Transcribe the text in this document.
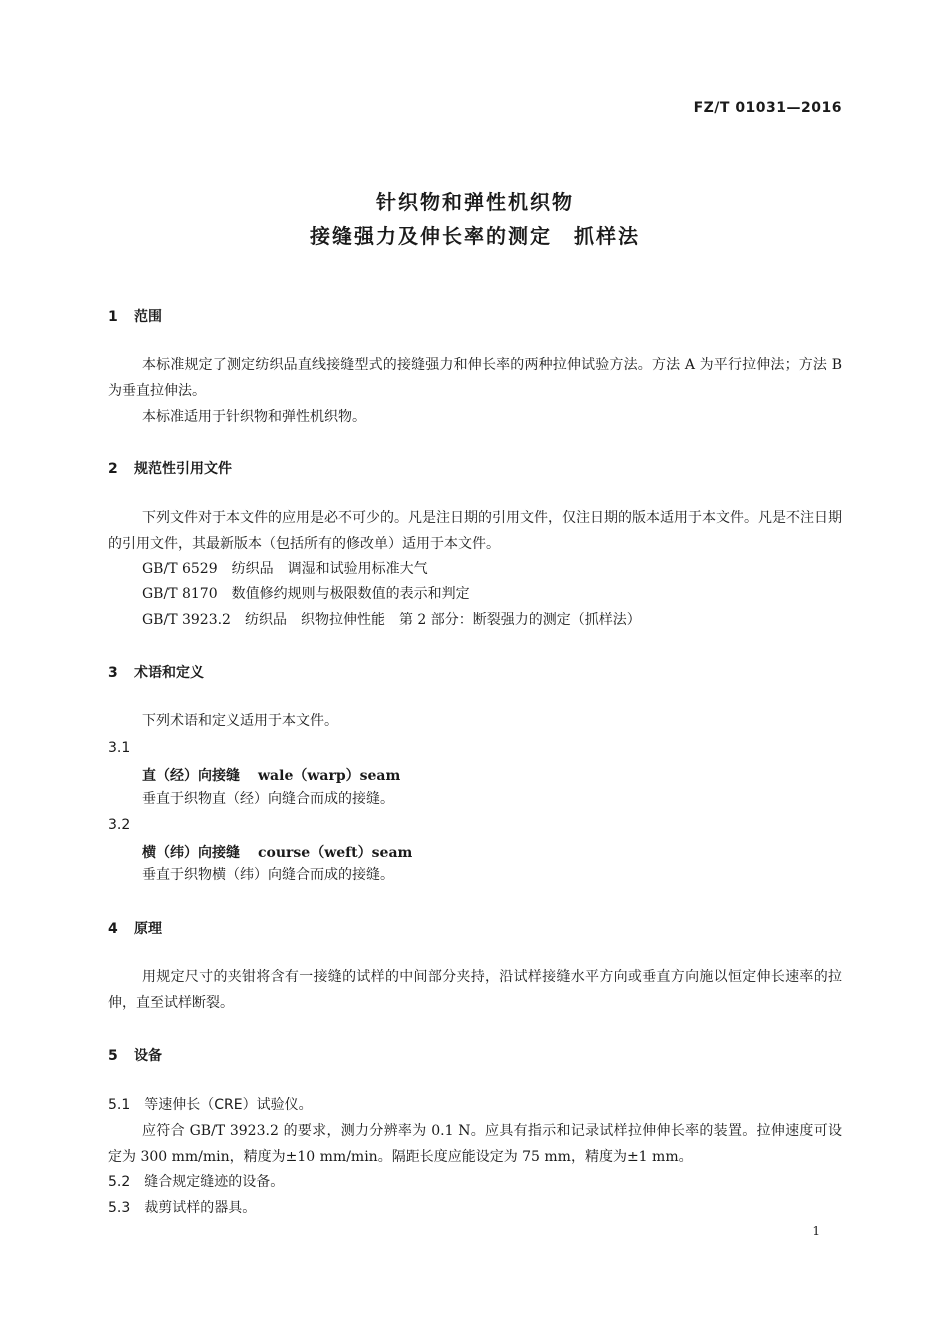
FZ/T 01031—2016
针织物和弹性机织物
接缝强力及伸长率的测定　抓样法
1 范围
本标准规定了测定纺织品直线接缝型式的接缝强力和伸长率的两种拉伸试验方法。方法 A 为平行拉伸法；方法 B 为垂直拉伸法。
本标准适用于针织物和弹性机织物。
2 规范性引用文件
下列文件对于本文件的应用是必不可少的。凡是注日期的引用文件，仅注日期的版本适用于本文件。凡是不注日期的引用文件，其最新版本（包括所有的修改单）适用于本文件。
GB/T 6529 纺织品　调湿和试验用标准大气
GB/T 8170 数值修约规则与极限数值的表示和判定
GB/T 3923.2 纺织品　织物拉伸性能　第 2 部分：断裂强力的测定（抓样法）
3 术语和定义
下列术语和定义适用于本文件。
3.1
直（经）向接缝 wale（warp）seam
垂直于织物直（经）向缝合而成的接缝。
3.2
横（纬）向接缝 course（weft）seam
垂直于织物横（纬）向缝合而成的接缝。
4 原理
用规定尺寸的夹钳将含有一接缝的试样的中间部分夹持，沿试样接缝水平方向或垂直方向施以恒定伸长速率的拉伸，直至试样断裂。
5 设备
5.1 等速伸长（CRE）试验仪。
应符合 GB/T 3923.2 的要求，测力分辨率为 0.1 N。应具有指示和记录试样拉伸伸长率的装置。拉伸速度可设定为 300 mm/min，精度为±10 mm/min。隔距长度应能设定为 75 mm，精度为±1 mm。
5.2 缝合规定缝迹的设备。
5.3 裁剪试样的器具。
1
